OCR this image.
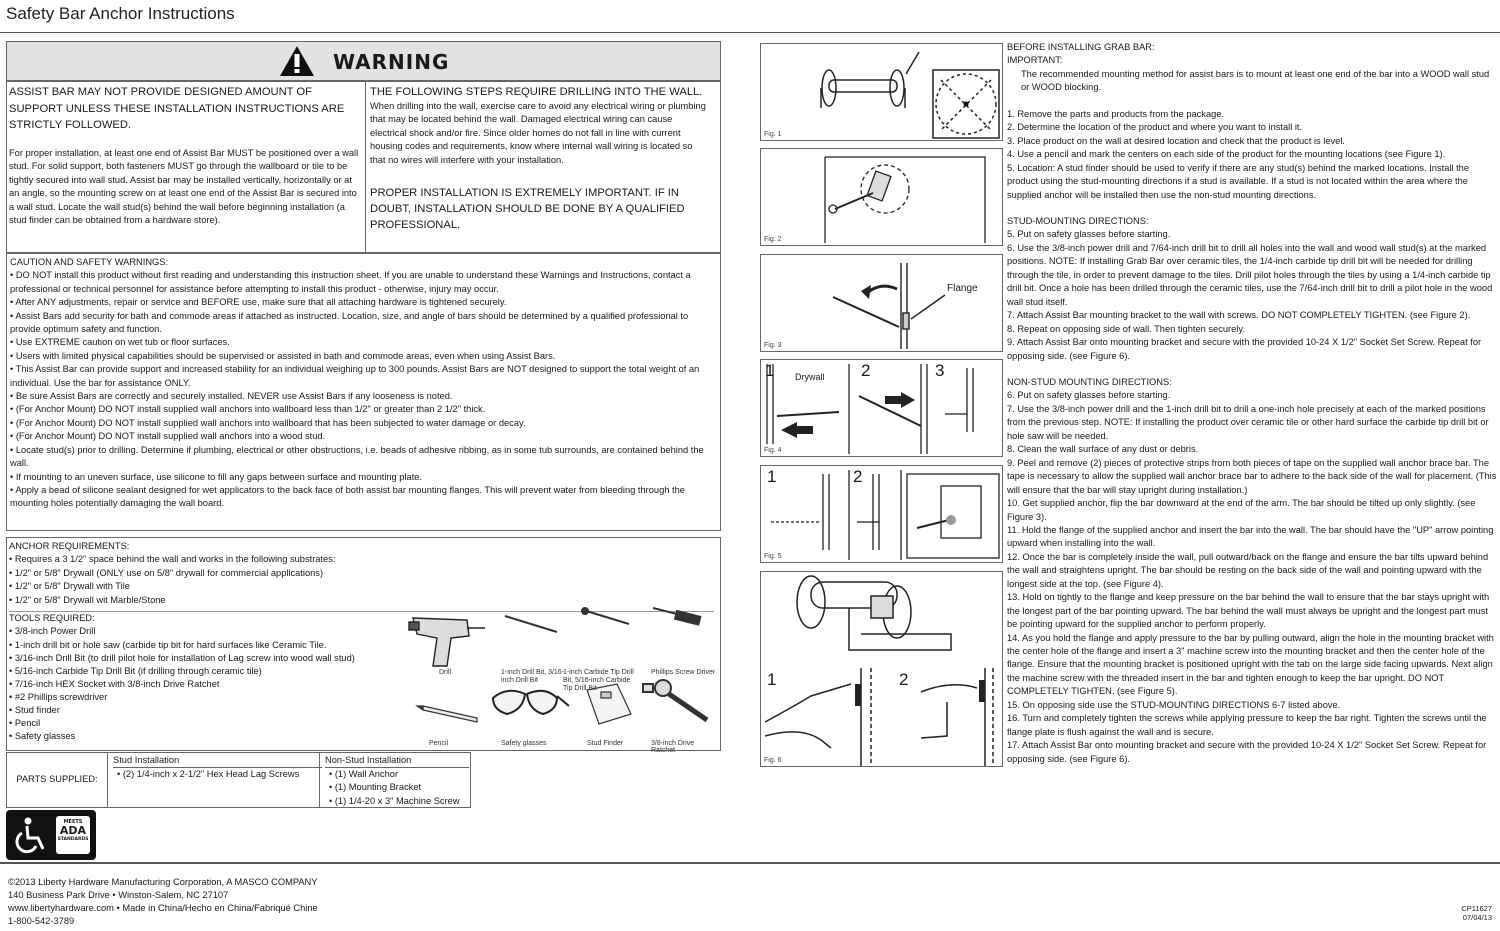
Safety Bar Anchor Instructions
WARNING
ASSIST BAR MAY NOT PROVIDE DESIGNED AMOUNT OF SUPPORT UNLESS THESE INSTALLATION INSTRUCTIONS ARE STRICTLY FOLLOWED.
For proper installation, at least one end of Assist Bar MUST be positioned over a wall stud. For solid support, both fasteners MUST go through the wallboard or tile to be tightly secured into wall stud. Assist bar may be installed vertically, horizontally or at an angle, so the mounting screw on at least one end of the Assist Bar is secured into a wall stud. Locate the wall stud(s) behind the wall before beginning installation (a stud finder can be obtained from a hardware store).
THE FOLLOWING STEPS REQUIRE DRILLING INTO THE WALL.
When drilling into the wall, exercise care to avoid any electrical wiring or plumbing that may be located behind the wall. Damaged electrical wiring can cause electrical shock and/or fire. Since older homes do not fall in line with current housing codes and requirements, know where internal wall wiring is located so that no wires will interfere with your installation.
PROPER INSTALLATION IS EXTREMELY IMPORTANT. IF IN DOUBT, INSTALLATION SHOULD BE DONE BY A QUALIFIED PROFESSIONAL.
CAUTION AND SAFETY WARNINGS:
• DO NOT install this product without first reading and understanding this instruction sheet. If you are unable to understand these Warnings and Instructions, contact a professional or technical personnel for assistance before attempting to install this product - otherwise, injury may occur.
• After ANY adjustments, repair or service and BEFORE use, make sure that all attaching hardware is tightened securely.
• Assist Bars add security for bath and commode areas if attached as instructed. Location, size, and angle of bars should be determined by a qualified professional to provide optimum safety and function.
• Use EXTREME caution on wet tub or floor surfaces.
• Users with limited physical capabilities should be supervised or assisted in bath and commode areas, even when using Assist Bars.
• This Assist Bar can provide support and increased stability for an individual weighing up to 300 pounds. Assist Bars are NOT designed to support the total weight of an individual. Use the bar for assistance ONLY.
• Be sure Assist Bars are correctly and securely installed. NEVER use Assist Bars if any looseness is noted.
• (For Anchor Mount) DO NOT install supplied wall anchors into wallboard less than 1/2" or greater than 2 1/2" thick.
• (For Anchor Mount) DO NOT install supplied wall anchors into wallboard that has been subjected to water damage or decay.
• (For Anchor Mount) DO NOT install supplied wall anchors into a wood stud.
• Locate stud(s) prior to drilling. Determine if plumbing, electrical or other obstructions, i.e. beads of adhesive ribbing, as in some tub surrounds, are contained behind the wall.
• If mounting to an uneven surface, use silicone to fill any gaps between surface and mounting plate.
• Apply a bead of silicone sealant designed for wet applicators to the back face of both assist bar mounting flanges. This will prevent water from bleeding through the mounting holes potentially damaging the wall board.
ANCHOR REQUIREMENTS:
• Requires a 3 1/2" space behind the wall and works in the following substrates:
• 1/2" or 5/8" Drywall (ONLY use on 5/8" drywall for commercial applications)
• 1/2" or 5/8" Drywall with Tile
• 1/2" or 5/8" Drywall wit Marble/Stone
TOOLS REQUIRED:
• 3/8-inch Power Drill
• 1-inch drill bit or hole saw (carbide tip bit for hard surfaces like Ceramic Tile.
• 3/16-inch Drill Bit (to drill pilot hole for installation of Lag screw into wood wall stud)
• 5/16-inch Carbide Tip Drill Bit (if drilling through ceramic tile)
• 7/16-inch HEX Socket with 3/8-inch Drive Ratchet
• #2 Phillips screwdriver
• Stud finder
• Pencil
• Safety glasses
Drill	1-inch Drill Bit, 3/16-inch Drill Bit
1-inch Carbide Tip Drill Bit, 5/16-inch Carbide Tip Drill Bit
Phillips Screw Driver
Pencil	Safety glasses	Stud Finder	3/8-inch Drive Ratchet
PARTS SUPPLIED:
Stud Installation
• (2) 1/4-inch x 2-1/2" Hex Head Lag Screws
Non-Stud Installation
• (1) Wall Anchor
• (1) Mounting Bracket
• (1) 1/4-20 x 3" Machine Screw
MEETS
ADA
STANDARDS
Fig. 1
Fig. 2
Flange
Fig. 3
1	2	3
Drywall
Fig. 4
1	2
Fig. 5
1	2
Fig. 6

BEFORE INSTALLING GRAB BAR:

IMPORTANT:

The recommended mounting method for assist bars is to mount at least one end of the bar into a WOOD wall stud or WOOD blocking.

1. Remove the parts and products from the package.

2. Determine the location of the product and where you want to install it.

3. Place product on the wall at desired location and check that the product is level.

4. Use a pencil and mark the centers on each side of the product for the mounting locations (see Figure 1).

5. Location: A stud finder should be used to verify if there are any stud(s) behind the marked locations. Install the product using the stud-mounting directions if a stud is available. If a stud is not located within the area where the supplied anchor will be installed then use the non-stud mounting directions.

STUD-MOUNTING DIRECTIONS:

5. Put on safety glasses before starting.

6. Use the 3/8-inch power drill and 7/64-inch drill bit to drill all holes into the wall and wood wall stud(s) at the marked positions. NOTE: If installing Grab Bar over ceramic tiles, the 1/4-inch carbide tip drill bit will be needed for drilling through the tile, in order to prevent damage to the tiles. Drill pilot holes through the tiles by using a 1/4-inch carbide tip drill bit. Once a hole has been drilled through the ceramic tiles, use the 7/64-inch drill bit to drill a pilot hole in the wood wall stud itself.

7. Attach Assist Bar mounting bracket to the wall with screws. DO NOT COMPLETELY TIGHTEN. (see Figure 2).

8. Repeat on opposing side of wall. Then tighten securely.

9. Attach Assist Bar onto mounting bracket and secure with the provided 10-24 X 1/2" Socket Set Screw. Repeat for opposing side. (see Figure 6).

NON-STUD MOUNTING DIRECTIONS:

6. Put on safety glasses before starting.

7. Use the 3/8-inch power drill and the 1-inch drill bit to drill a one-inch hole precisely at each of the marked positions from the previous step. NOTE: If installing the product over ceramic tile or other hard surface the carbide tip drill bit or hole saw will be needed.

8. Clean the wall surface of any dust or debris.

9. Peel and remove (2) pieces of protective strips from both pieces of tape on the supplied wall anchor brace bar. The tape is necessary to allow the supplied wall anchor brace bar to adhere to the back side of the wall for placement. (This will ensure that the bar will stay upright during installation.)

10. Get supplied anchor, flip the bar downward at the end of the arm. The bar should be tilted up only slightly. (see Figure 3).

11. Hold the flange of the supplied anchor and insert the bar into the wall. The bar should have the "UP" arrow pointing upward when installing into the wall.

12. Once the bar is completely inside the wall, pull outward/back on the flange and ensure the bar tilts upward behind the wall and straightens upright. The bar should be resting on the back side of the wall and pointing upward with the longest side at the top. (see Figure 4).

13. Hold on tightly to the flange and keep pressure on the bar behind the wall to ensure that the bar stays upright with the longest part of the bar pointing upward. The bar behind the wall must always be upright and the longest part must be pointing upward for the supplied anchor to perform properly.

14. As you hold the flange and apply pressure to the bar by pulling outward, align the hole in the mounting bracket with the center hole of the flange and insert a 3" machine screw into the mounting bracket and then the center hole of the flange. Ensure that the mounting bracket is positioned upright with the tab on the large side facing upwards. Next align the machine screw with the threaded insert in the bar and tighten enough to keep the bar upright. DO NOT COMPLETELY TIGHTEN. (see Figure 5).

15. On opposing side use the STUD-MOUNTING DIRECTIONS 6-7 listed above.

16. Turn and completely tighten the screws while applying pressure to keep the bar right. Tighten the screws until the flange plate is flush against the wall and is secure.

17. Attach Assist Bar onto mounting bracket and secure with the provided 10-24 X 1/2" Socket Set Screw. Repeat for opposing side. (see Figure 6).

©2013 Liberty Hardware Manufacturing Corporation, A MASCO COMPANY
140 Business Park Drive • Winston-Salem, NC 27107
www.libertyhardware.com • Made in China/Hecho en China/Fabriqué Chine
1-800-542-3789
CP11627
07/04/13
